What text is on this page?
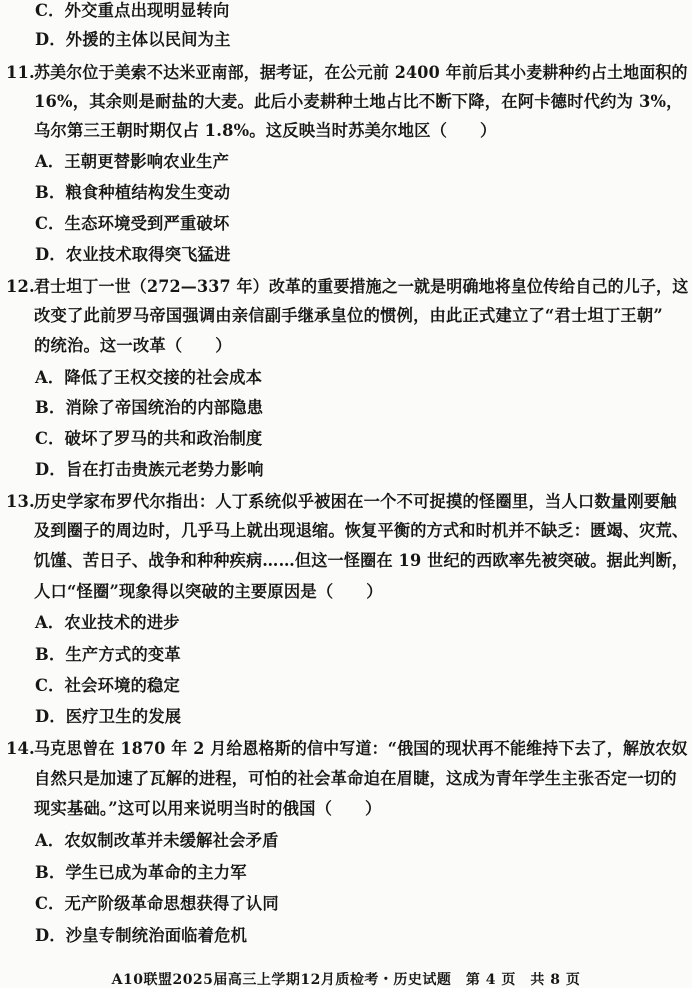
C．外交重点出现明显转向
D．外援的主体以民间为主
11. 苏美尔位于美索不达米亚南部，据考证，在公元前 2400 年前后其小麦耕种约占土地面积的
16%，其余则是耐盐的大麦。此后小麦耕种土地占比不断下降，在阿卡德时代约为 3%，
乌尔第三王朝时期仅占 1.8%。这反映当时苏美尔地区（　　）
A．王朝更替影响农业生产
B．粮食种植结构发生变动
C．生态环境受到严重破坏
D．农业技术取得突飞猛进
12. 君士坦丁一世（272—337 年）改革的重要措施之一就是明确地将皇位传给自己的儿子，这
改变了此前罗马帝国强调由亲信副手继承皇位的惯例，由此正式建立了“君士坦丁王朝”
的统治。这一改革（　　）
A．降低了王权交接的社会成本
B．消除了帝国统治的内部隐患
C．破坏了罗马的共和政治制度
D．旨在打击贵族元老势力影响
13. 历史学家布罗代尔指出：人丁系统似乎被困在一个不可捉摸的怪圈里，当人口数量刚要触
及到圈子的周边时，几乎马上就出现退缩。恢复平衡的方式和时机并不缺乏：匮竭、灾荒、
饥馑、苦日子、战争和种种疾病……但这一怪圈在 19 世纪的西欧率先被突破。据此判断，
人口“怪圈”现象得以突破的主要原因是（　　）
A．农业技术的进步
B．生产方式的变革
C．社会环境的稳定
D．医疗卫生的发展
14. 马克思曾在 1870 年 2 月给恩格斯的信中写道：“俄国的现状再不能维持下去了，解放农奴
自然只是加速了瓦解的进程，可怕的社会革命迫在眉睫，这成为青年学生主张否定一切的
现实基础。”这可以用来说明当时的俄国（　　）
A．农奴制改革并未缓解社会矛盾
B．学生已成为革命的主力军
C．无产阶级革命思想获得了认同
D．沙皇专制统治面临着危机
A10联盟2025届高三上学期12月质检考・历史试题　第 4 页　共 8 页
